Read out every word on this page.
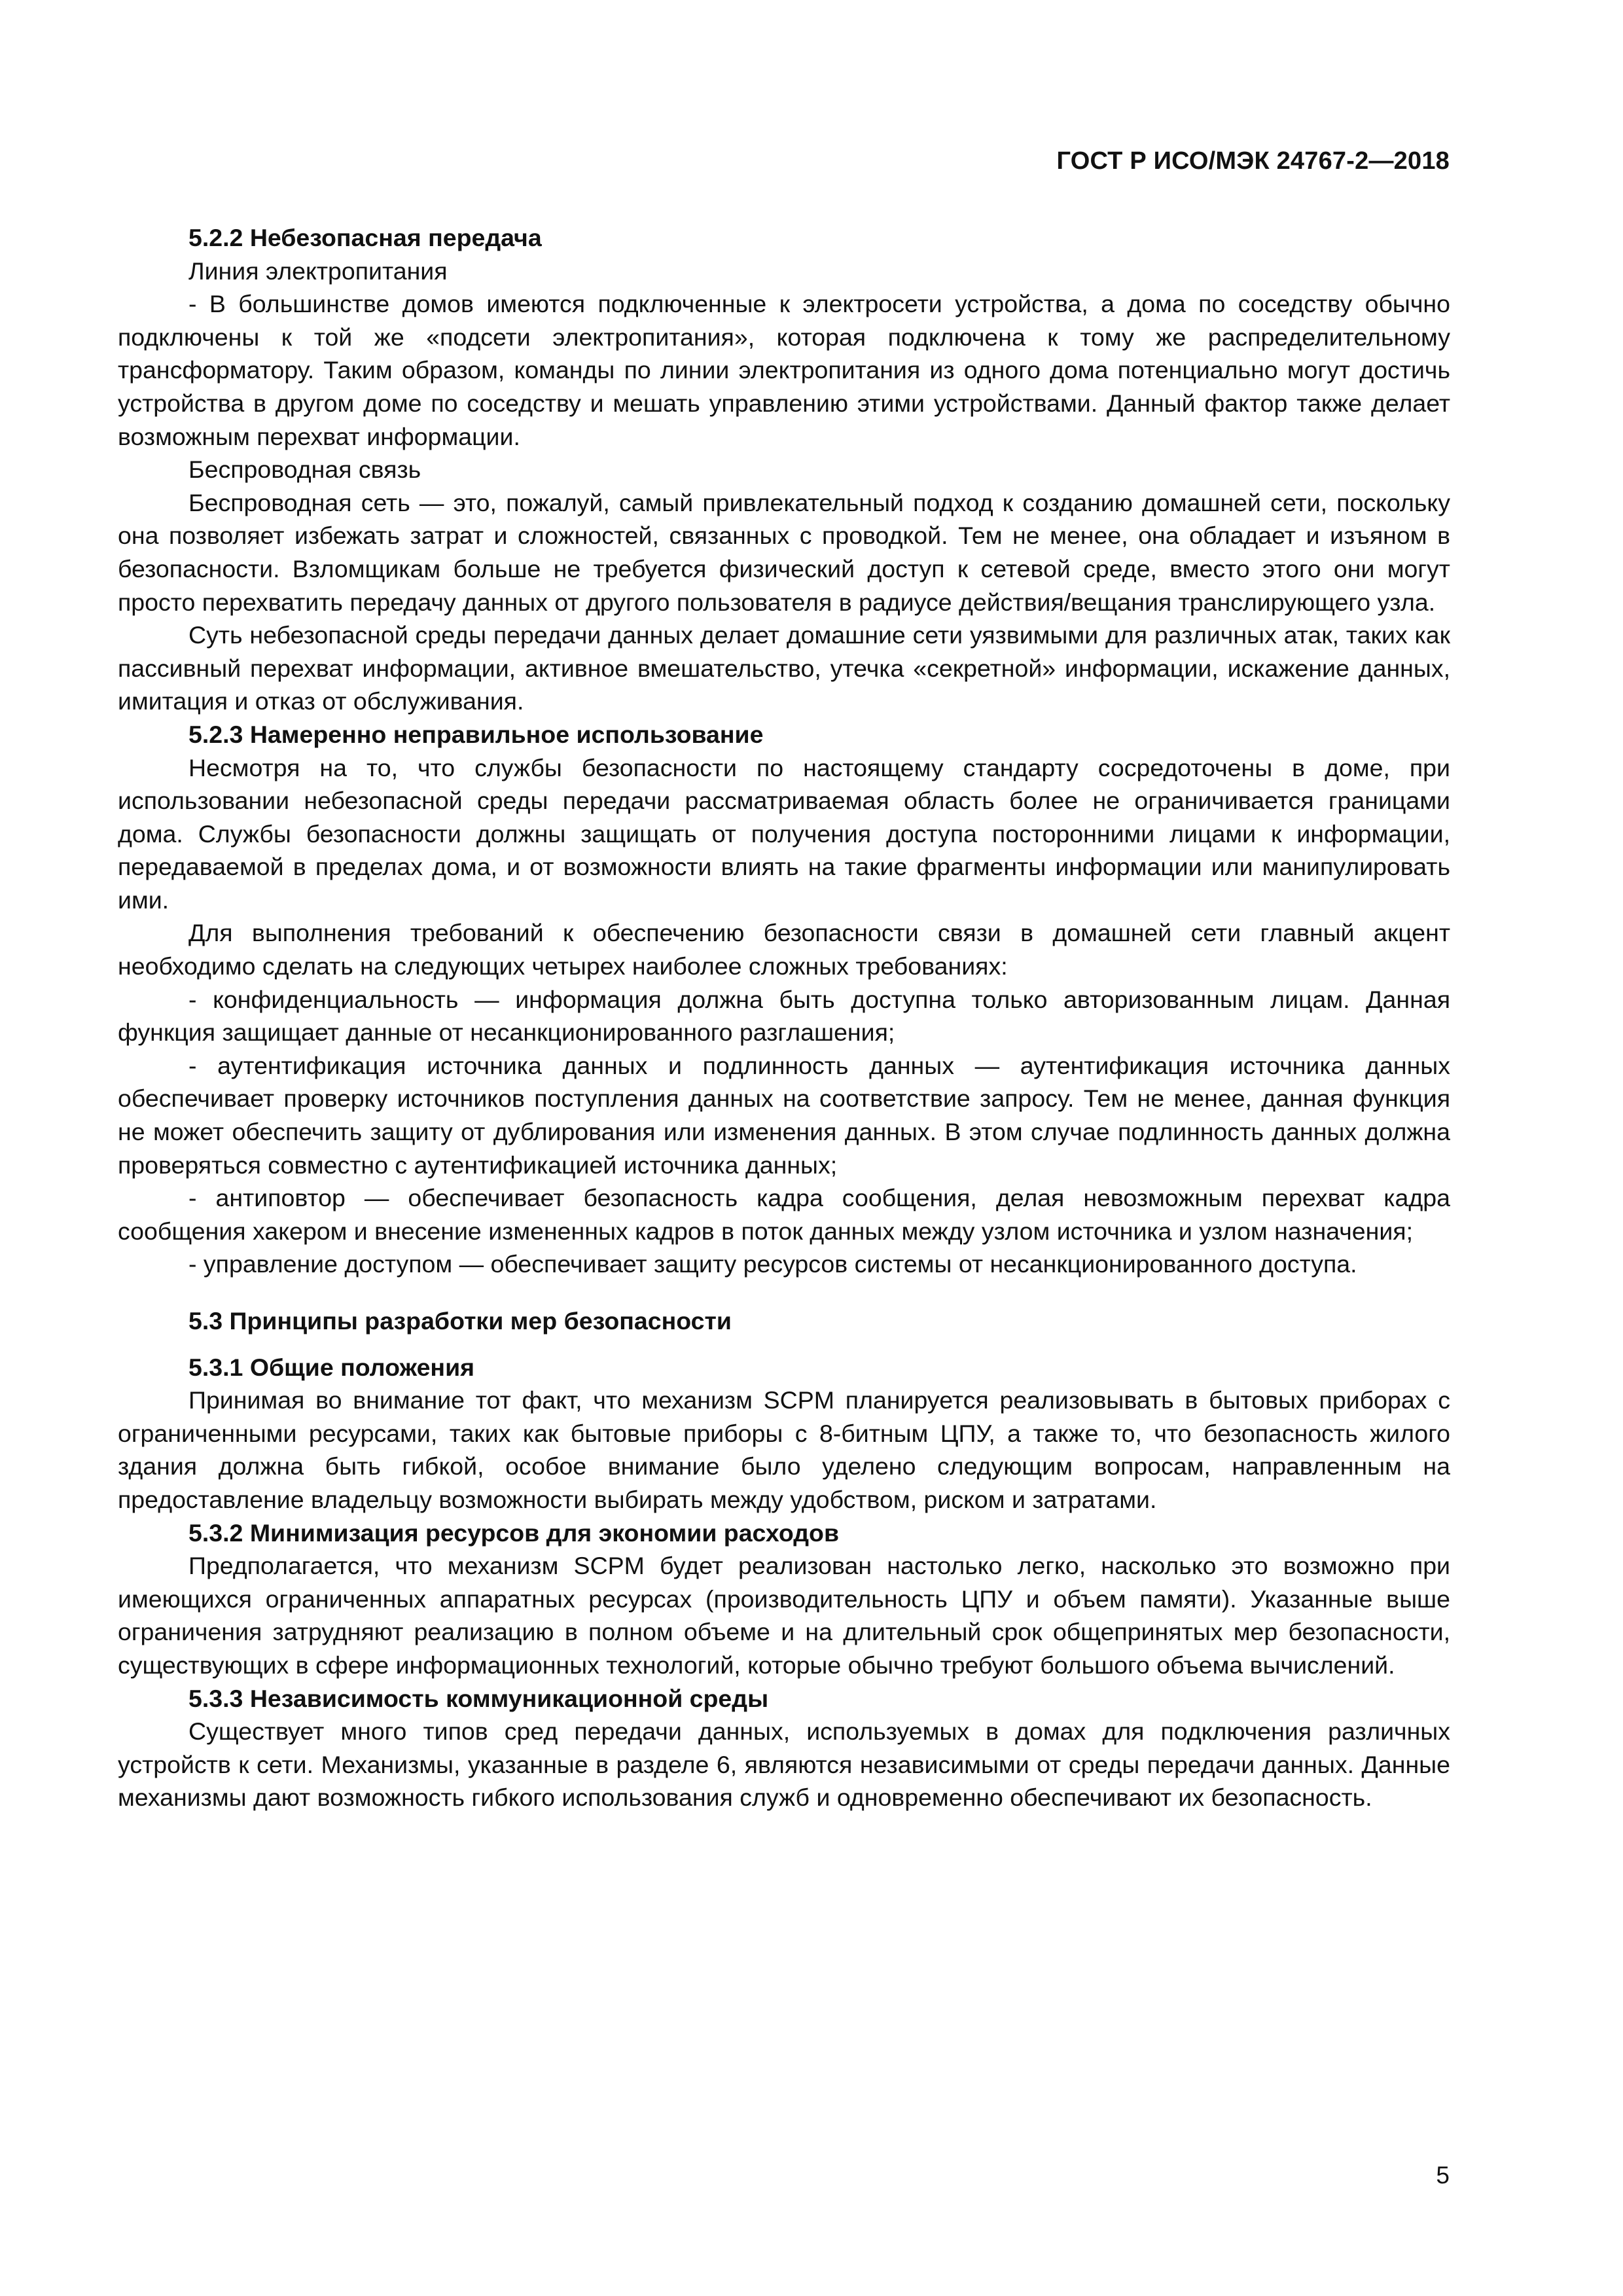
ГОСТ Р ИСО/МЭК 24767-2—2018
5.2.2 Небезопасная передача

Линия электропитания

- В большинстве домов имеются подключенные к электросети устройства, а дома по соседству обычно подключены к той же «подсети электропитания», которая подключена к тому же распределительному трансформатору. Таким образом, команды по линии электропитания из одного дома потенциально могут достичь устройства в другом доме по соседству и мешать управлению этими устройствами. Данный фактор также делает возможным перехват информации.

Беспроводная связь

Беспроводная сеть — это, пожалуй, самый привлекательный подход к созданию домашней сети, поскольку она позволяет избежать затрат и сложностей, связанных с проводкой. Тем не менее, она обладает и изъяном в безопасности. Взломщикам больше не требуется физический доступ к сетевой среде, вместо этого они могут просто перехватить передачу данных от другого пользователя в радиусе действия/вещания транслирующего узла.

Суть небезопасной среды передачи данных делает домашние сети уязвимыми для различных атак, таких как пассивный перехват информации, активное вмешательство, утечка «секретной» информации, искажение данных, имитация и отказ от обслуживания.

5.2.3 Намеренно неправильное использование

Несмотря на то, что службы безопасности по настоящему стандарту сосредоточены в доме, при использовании небезопасной среды передачи рассматриваемая область более не ограничивается границами дома. Службы безопасности должны защищать от получения доступа посторонними лицами к информации, передаваемой в пределах дома, и от возможности влиять на такие фрагменты информации или манипулировать ими.

Для выполнения требований к обеспечению безопасности связи в домашней сети главный акцент необходимо сделать на следующих четырех наиболее сложных требованиях:

- конфиденциальность — информация должна быть доступна только авторизованным лицам. Данная функция защищает данные от несанкционированного разглашения;

- аутентификация источника данных и подлинность данных — аутентификация источника данных обеспечивает проверку источников поступления данных на соответствие запросу. Тем не менее, данная функция не может обеспечить защиту от дублирования или изменения данных. В этом случае подлинность данных должна проверяться совместно с аутентификацией источника данных;

- антиповтор — обеспечивает безопасность кадра сообщения, делая невозможным перехват кадра сообщения хакером и внесение измененных кадров в поток данных между узлом источника и узлом назначения;

- управление доступом — обеспечивает защиту ресурсов системы от несанкционированного доступа.

5.3 Принципы разработки мер безопасности
5.3.1 Общие положения

Принимая во внимание тот факт, что механизм SCPM планируется реализовывать в бытовых приборах с ограниченными ресурсами, таких как бытовые приборы с 8-битным ЦПУ, а также то, что безопасность жилого здания должна быть гибкой, особое внимание было уделено следующим вопросам, направленным на предоставление владельцу возможности выбирать между удобством, риском и затратами.

5.3.2 Минимизация ресурсов для экономии расходов

Предполагается, что механизм SCPM будет реализован настолько легко, насколько это возможно при имеющихся ограниченных аппаратных ресурсах (производительность ЦПУ и объем памяти). Указанные выше ограничения затрудняют реализацию в полном объеме и на длительный срок общепринятых мер безопасности, существующих в сфере информационных технологий, которые обычно требуют большого объема вычислений.

5.3.3 Независимость коммуникационной среды

Существует много типов сред передачи данных, используемых в домах для подключения различных устройств к сети. Механизмы, указанные в разделе 6, являются независимыми от среды передачи данных. Данные механизмы дают возможность гибкого использования служб и одновременно обеспечивают их безопасность.

5
